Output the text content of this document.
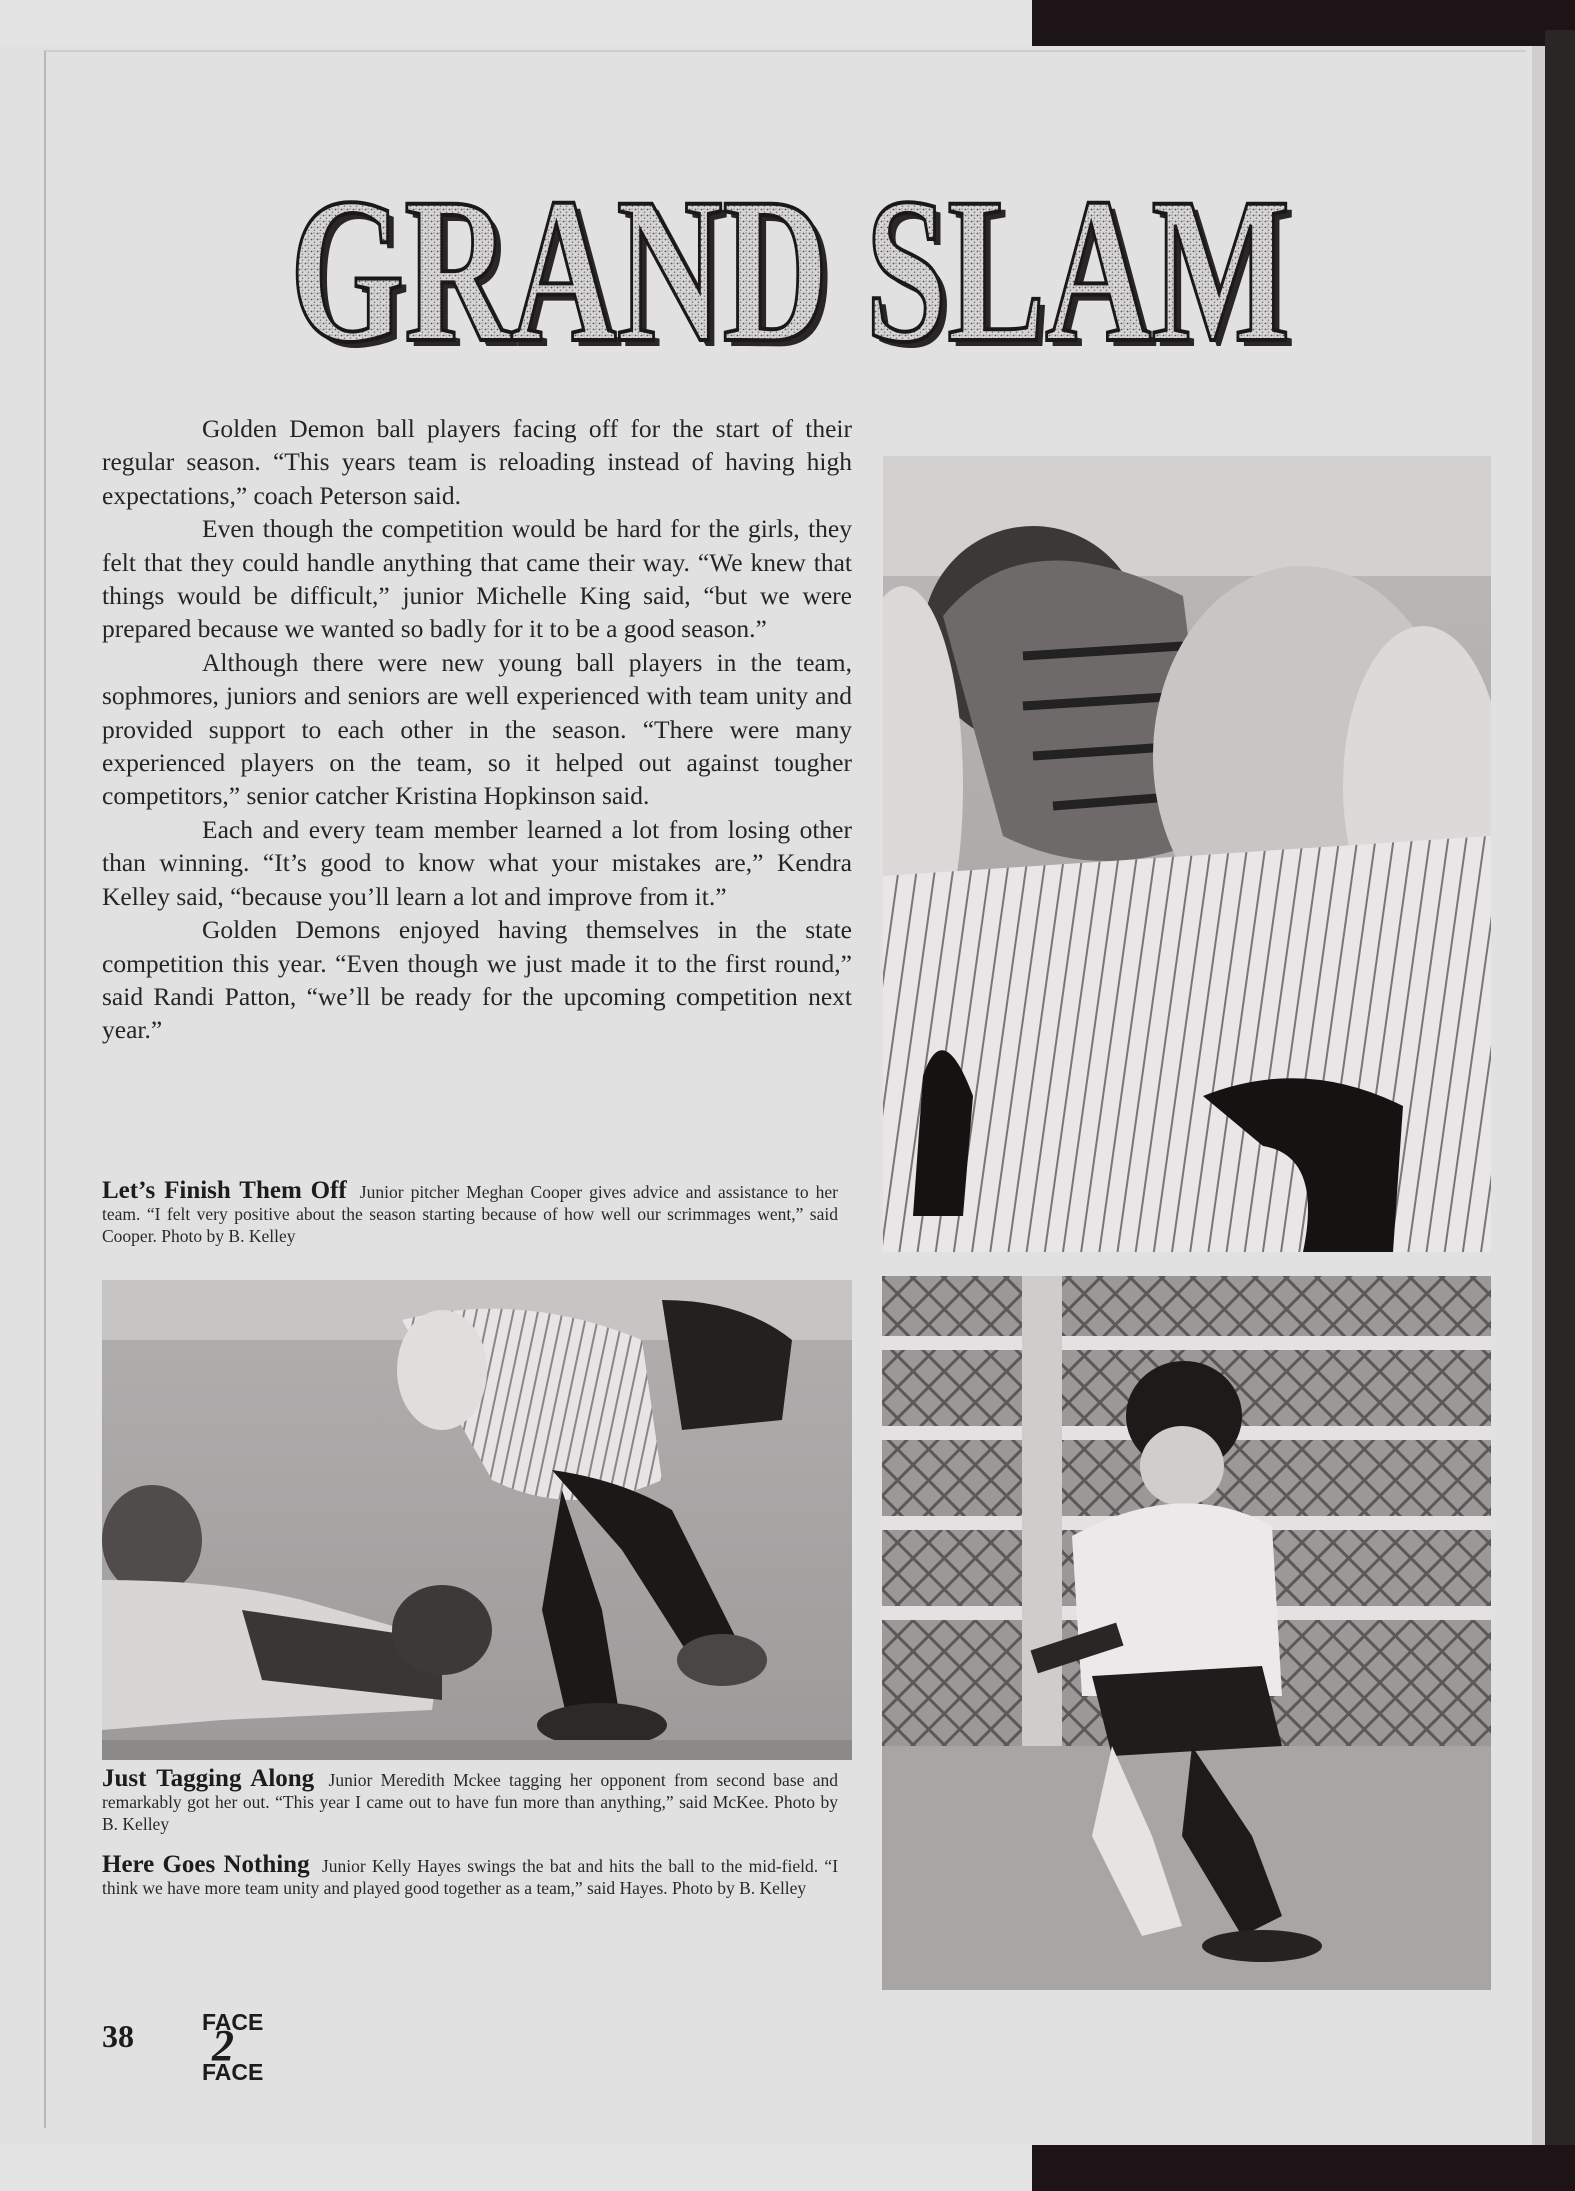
GRAND SLAM
GRAND SLAM

Golden Demon ball players facing off for the start of their regular season. “This years team is reloading instead of having high expectations,” coach Peterson said.

Even though the competition would be hard for the girls, they felt that they could handle anything that came their way. “We knew that things would be difficult,” junior Michelle King said, “but we were prepared because we wanted so badly for it to be a good season.”

Although there were new young ball players in the team, sophmores, juniors and seniors are well experienced with team unity and provided support to each other in the season. “There were many experienced players on the team, so it helped out against tougher competitors,” senior catcher Kristina Hopkinson said.

Each and every team member learned a lot from losing other than winning. “It’s good to know what your mistakes are,” Kendra Kelley said, “because you’ll learn a lot and improve from it.”

Golden Demons enjoyed having themselves in the state competition this year. “Even though we just made it to the first round,” said Randi Patton, “we’ll be ready for the upcoming competition next year.”

Let’s Finish Them Off Junior pitcher Meghan Cooper gives advice and assistance to her team. “I felt very positive about the season starting because of how well our scrimmages went,” said Cooper. Photo by B. Kelley
Just Tagging Along Junior Meredith Mckee tagging her opponent from second base and remarkably got her out. “This year I came out to have fun more than anything,” said McKee. Photo by B. Kelley
Here Goes Nothing Junior Kelly Hayes swings the bat and hits the ball to the mid-field. “I think we have more team unity and played good together as a team,” said Hayes. Photo by B. Kelley
38	FACE
2
FACE
